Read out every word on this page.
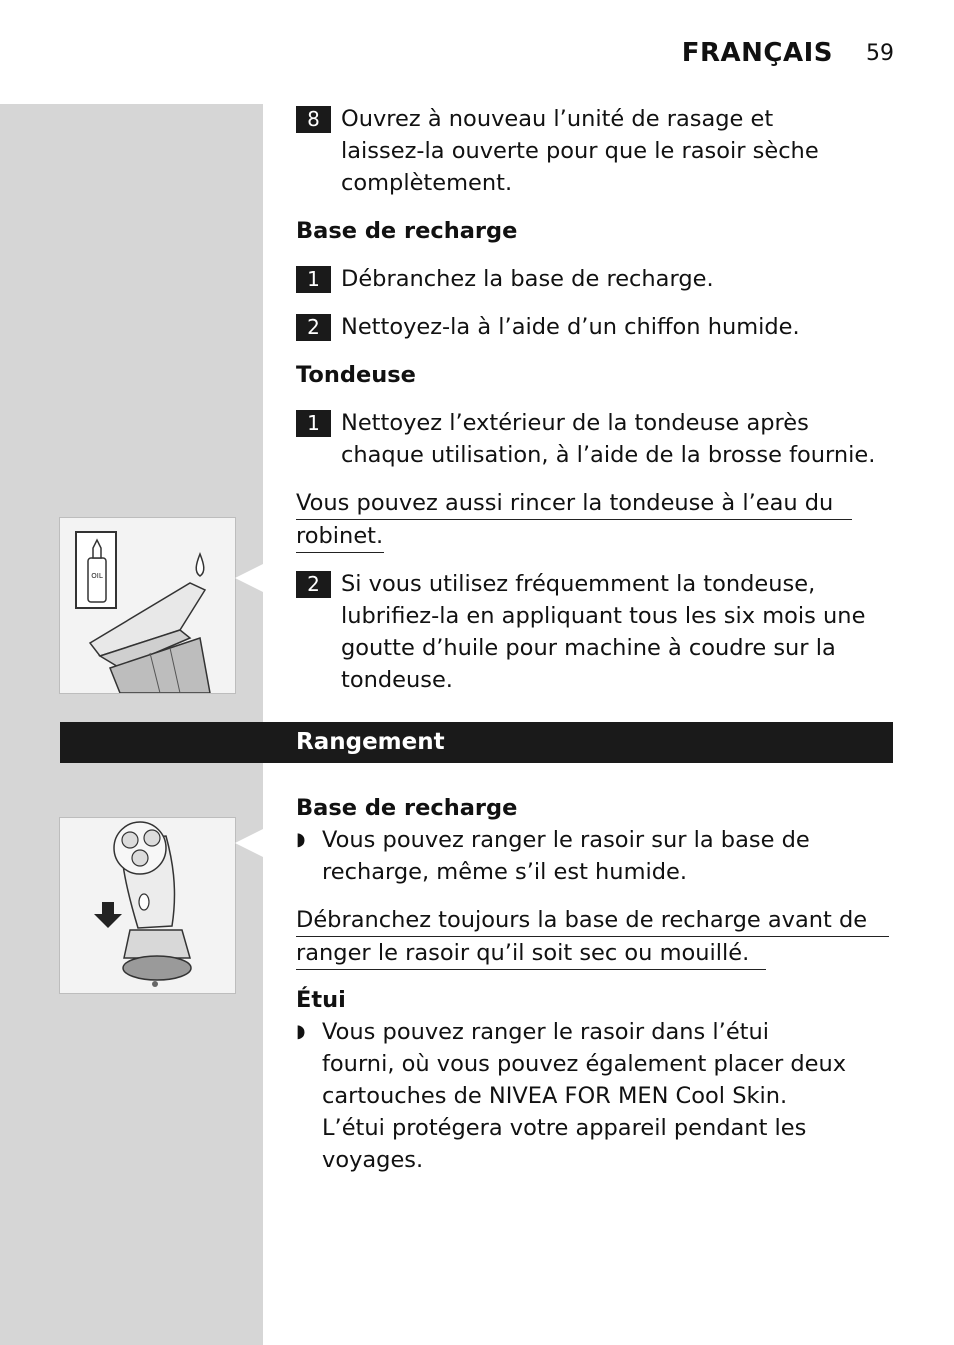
FRANÇAIS 59
8 Ouvrez à nouveau l’unité de rasage et
laissez-la ouverte pour que le rasoir sèche
complètement.
Base de recharge
1 Débranchez la base de recharge.
2 Nettoyez-la à l’aide d’un chiffon humide.
Tondeuse
1 Nettoyez l’extérieur de la tondeuse après
chaque utilisation, à l’aide de la brosse fournie.
Vous pouvez aussi rincer la tondeuse à l’eau du
robinet.
2 Si vous utilisez fréquemment la tondeuse,
lubrifiez-la en appliquant tous les six mois une
goutte d’huile pour machine à coudre sur la
tondeuse.
OIL
Rangement
Base de recharge
◗ Vous pouvez ranger le rasoir sur la base de
recharge, même s’il est humide.
Débranchez toujours la base de recharge avant de
ranger le rasoir qu’il soit sec ou mouillé.
Étui
◗ Vous pouvez ranger le rasoir dans l’étui
fourni, où vous pouvez également placer deux
cartouches de NIVEA FOR MEN Cool Skin.
L’étui protégera votre appareil pendant les
voyages.
